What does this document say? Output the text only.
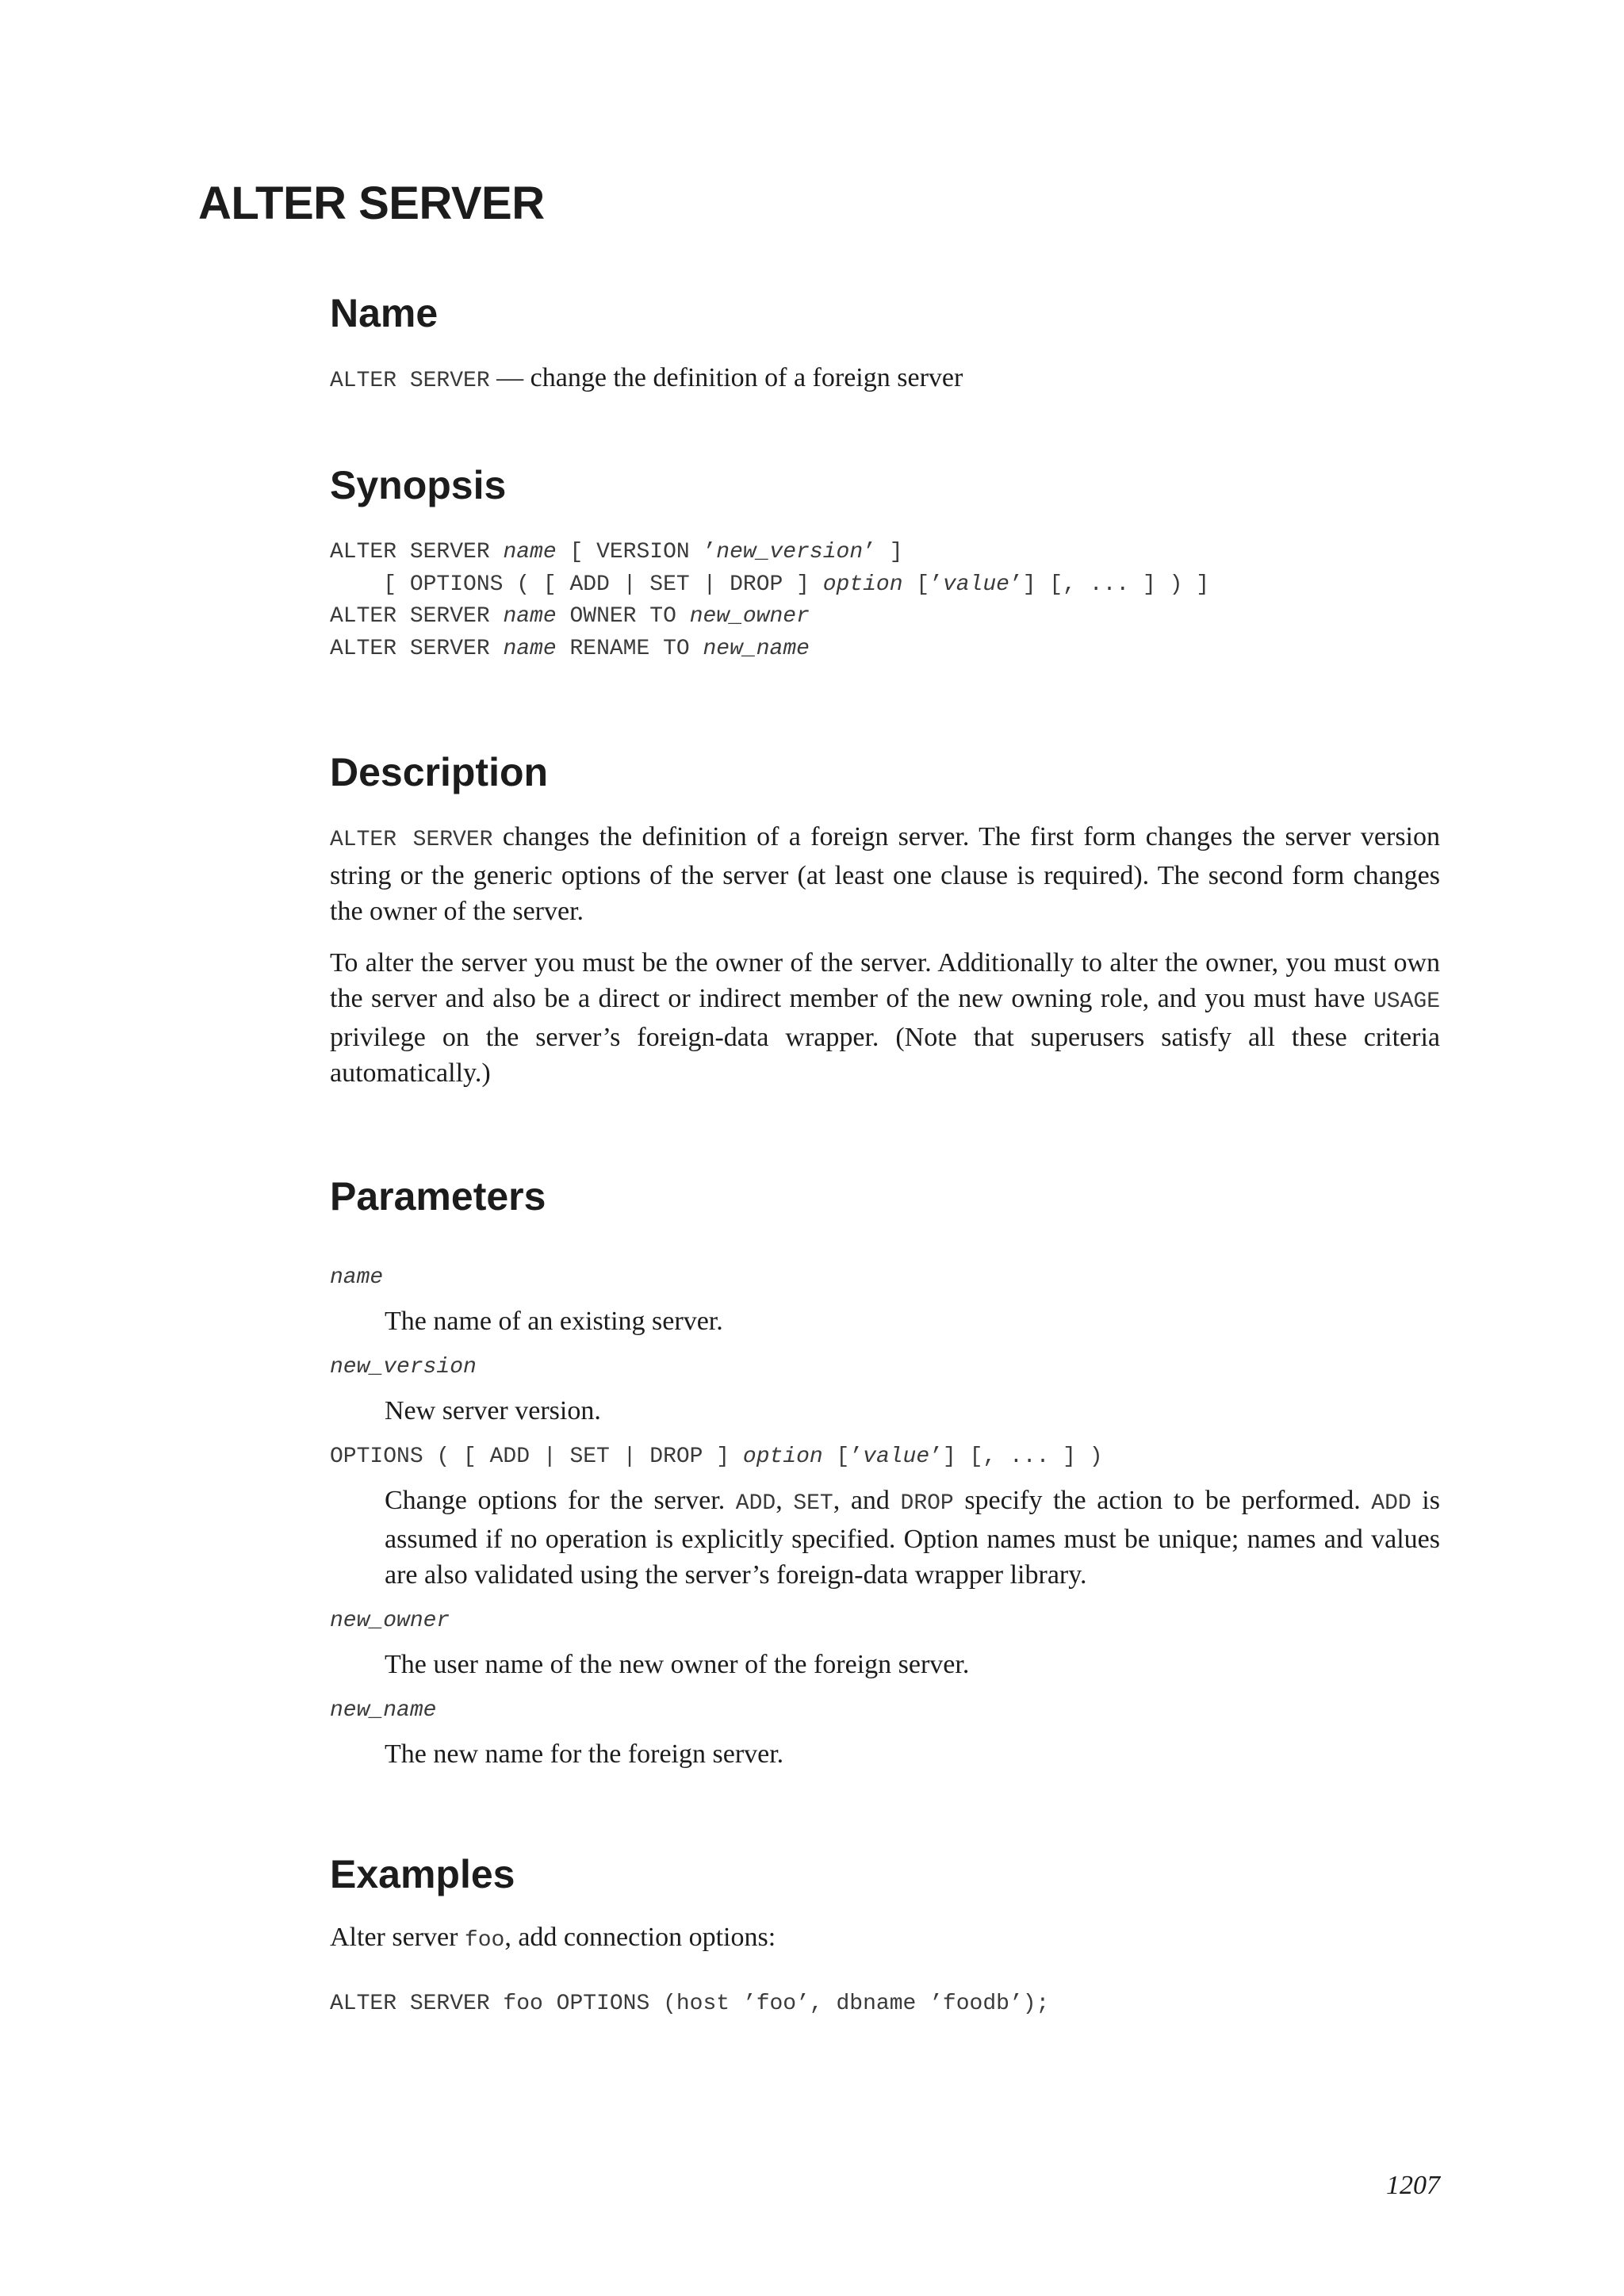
ALTER SERVER
Name
ALTER SERVER — change the definition of a foreign server
Synopsis
ALTER SERVER name [ VERSION ’new_version’ ]
[ OPTIONS ( [ ADD | SET | DROP ] option [’value’] [, ... ] ) ]
ALTER SERVER name OWNER TO new_owner
ALTER SERVER name RENAME TO new_name
Description

ALTER SERVER changes the definition of a foreign server. The first form changes the server version string or the generic options of the server (at least one clause is required). The second form changes the owner of the server.

To alter the server you must be the owner of the server. Additionally to alter the owner, you must own the server and also be a direct or indirect member of the new owning role, and you must have USAGE privilege on the server’s foreign-data wrapper. (Note that superusers satisfy all these criteria automatically.)

Parameters
name
The name of an existing server.
new_version
New server version.
OPTIONS ( [ ADD | SET | DROP ] option [’value’] [, ... ] )
Change options for the server. ADD, SET, and DROP specify the action to be performed. ADD is assumed if no operation is explicitly specified. Option names must be unique; names and values are also validated using the server’s foreign-data wrapper library.
new_owner
The user name of the new owner of the foreign server.
new_name
The new name for the foreign server.
Examples

Alter server foo, add connection options:

ALTER SERVER foo OPTIONS (host ’foo’, dbname ’foodb’);
1207
